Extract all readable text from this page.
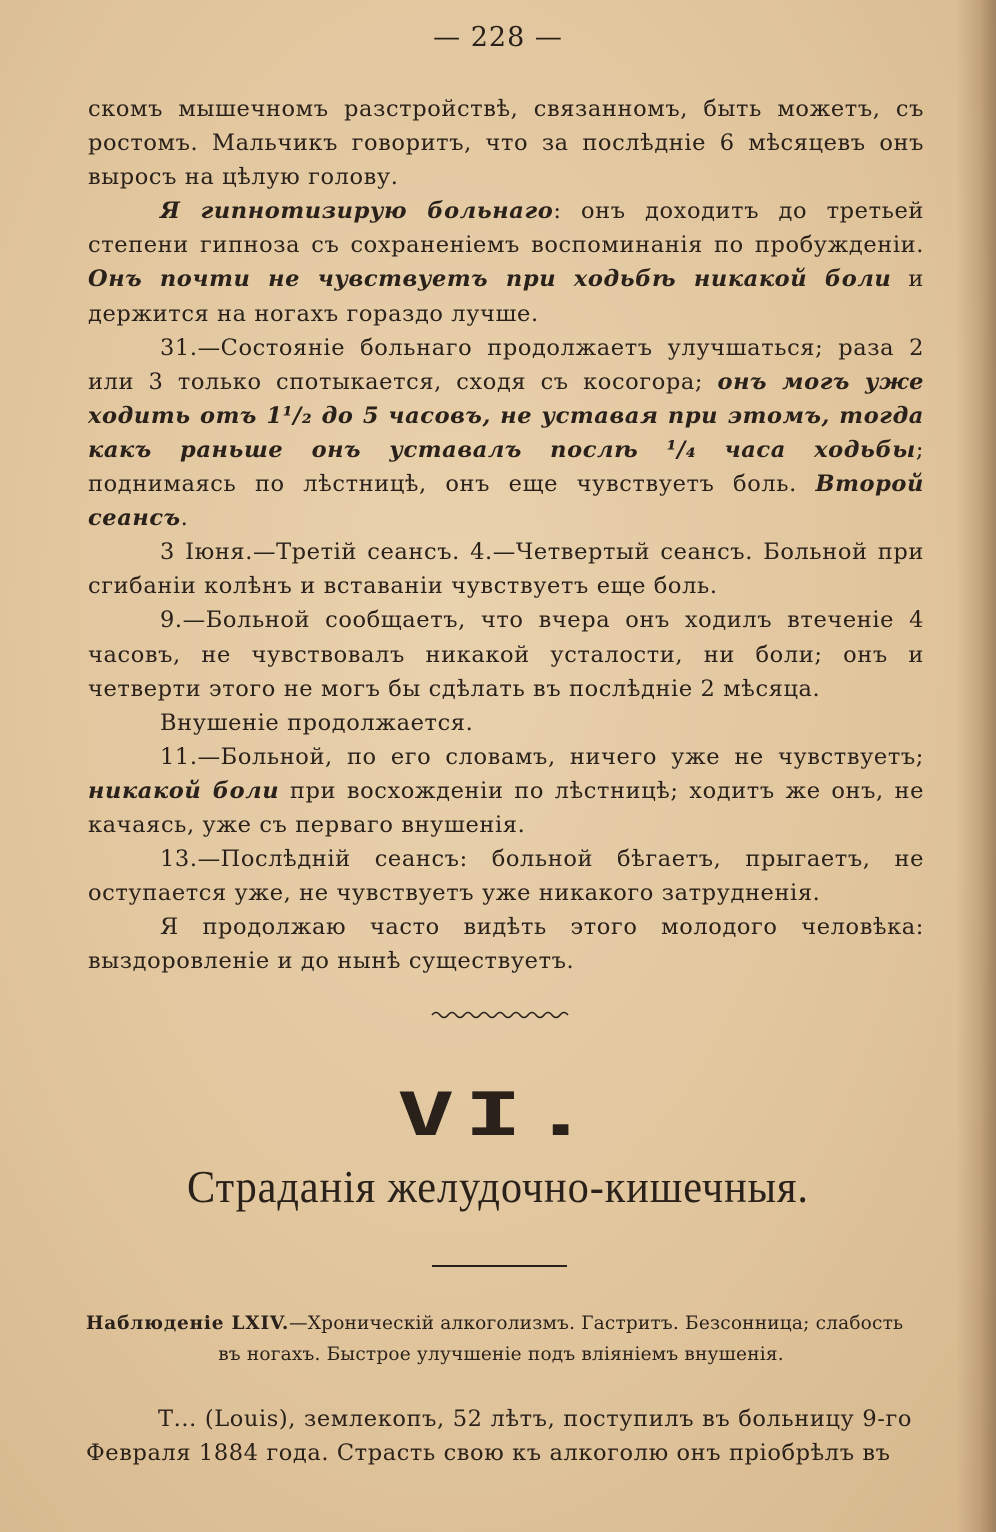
— 228 —

скомъ мышечномъ разстройствѣ, связанномъ, быть можетъ, съ ростомъ. Мальчикъ говоритъ, что за послѣдніе 6 мѣсяцевъ онъ выросъ на цѣлую голову.

Я гипнотизирую больнаго: онъ доходитъ до третьей степени гипноза съ сохраненіемъ воспоминанія по пробужденіи. Онъ почти не чувствуетъ при ходьбѣ никакой боли и держится на ногахъ гораздо лучше.

31.—Состояніе больнаго продолжаетъ улучшаться; раза 2 или 3 только спотыкается, сходя съ косогора; онъ могъ уже ходить отъ 1¹/₂ до 5 часовъ, не уставая при этомъ, тогда какъ раньше онъ уставалъ послѣ ¹/₄ часа ходьбы; поднимаясь по лѣстницѣ, онъ еще чувствуетъ боль. Второй сеансъ.

3 Іюня.—Третій сеансъ. 4.—Четвертый сеансъ. Больной при сгибаніи колѣнъ и вставаніи чувствуетъ еще боль.

9.—Больной сообщаетъ, что вчера онъ ходилъ втеченіе 4 часовъ, не чувствовалъ никакой усталости, ни боли; онъ и четверти этого не могъ бы сдѣлать въ послѣдніе 2 мѣсяца.

Внушеніе продолжается.

11.—Больной, по его словамъ, ничего уже не чувствуетъ; никакой боли при восхожденіи по лѣстницѣ; ходитъ же онъ, не качаясь, уже съ перваго внушенія.

13.—Послѣдній сеансъ: больной бѣгаетъ, прыгаетъ, не оступается уже, не чувствуетъ уже никакого затрудненія.

Я продолжаю часто видѣть этого молодого человѣка: выздоровленіе и до нынѣ существуетъ.

VI.
Страданія желудочно-кишечныя.
Наблюденіе LXIV.—Хроническій алкоголизмъ. Гастритъ. Безсонница; слабость
въ ногахъ. Быстрое улучшеніе подъ вліяніемъ внушенія.

Т... (Louis), землекопъ, 52 лѣтъ, поступилъ въ больницу 9-го Февраля 1884 года. Страсть свою къ алкоголю онъ пріобрѣлъ въ
